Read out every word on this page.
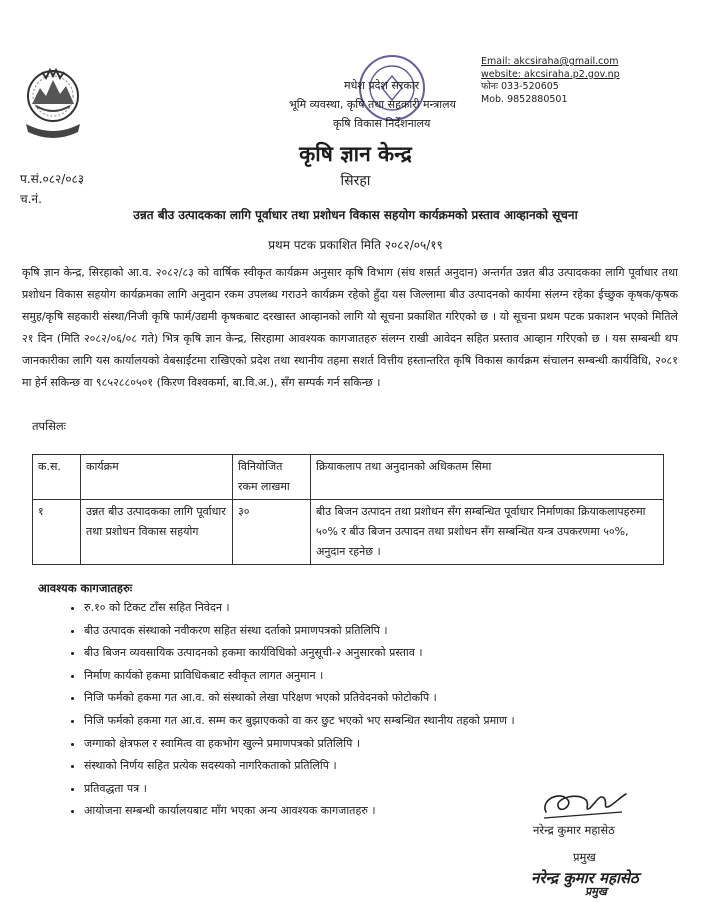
मधेश प्रदेश सरकार
भूमि व्यवस्था, कृषि तथा सहकारी मन्त्रालय
कृषि विकास निर्देशनालय
Email: akcsiraha@gmail.com
website: akcsiraha.p2.gov.np
फोनः 033-520605
Mob. 9852880501
कृषि ज्ञान केन्द्र
सिरहा
प.सं.०८२/०८३
च.नं.
उन्नत बीउ उत्पादकका लागि पूर्वाधार तथा प्रशोधन विकास सहयोग कार्यक्रमको प्रस्ताव आव्हानको सूचना
प्रथम पटक प्रकाशित मिति २०८२/०५/१९
कृषि ज्ञान केन्द्र, सिरहाको आ.व. २०८२/८३ को वार्षिक स्वीकृत कार्यक्रम अनुसार कृषि विभाग (संघ शसर्त अनुदान) अन्तर्गत उन्नत बीउ उत्पादकका लागि पूर्वाधार तथा प्रशोधन विकास सहयोग कार्यक्रमका लागि अनुदान रकम उपलब्ध गराउने कार्यक्रम रहेको हुँदा यस जिल्लामा बीउ उत्पादनको कार्यमा संलग्न रहेका ईच्छुक कृषक/कृषक समुह/कृषि सहकारी संस्था/निजी कृषि फार्म/उद्यमी कृषकबाट दरखास्त आव्हानको लागि यो सूचना प्रकाशित गरिएको छ । यो सूचना प्रथम पटक प्रकाशन भएको मितिले २१ दिन (मिति २०८२/०६/०८ गते) भित्र कृषि ज्ञान केन्द्र, सिरहामा आवश्यक कागजातहरु संलग्न राखी आवेदन सहित प्रस्ताव आव्हान गरिएको छ । यस सम्बन्धी थप जानकारीका लागि यस कार्यालयको वेबसाईटमा राखिएको प्रदेश तथा स्थानीय तहमा सशर्त वित्तीय हस्तान्तरित कृषि विकास कार्यक्रम संचालन सम्बन्धी कार्यविधि, २०८१ मा हेर्न सकिन्छ वा ९८५२८८०५०१ (किरण विश्वकर्मा, बा.वि.अ.), सँग सम्पर्क गर्न सकिन्छ ।
तपसिलः
क.स.	कार्यक्रम	विनियोजित रकम लाखमा	क्रियाकलाप तथा अनुदानको अधिकतम सिमा
१	उन्नत बीउ उत्पादकका लागि पूर्वाधार तथा प्रशोधन विकास सहयोग	३०	बीउ बिजन उत्पादन तथा प्रशोधन सँग सम्बन्धित पूर्वाधार निर्माणका क्रियाकलापहरुमा ५०% र बीउ बिजन उत्पादन तथा प्रशोधन सँग सम्बन्धित यन्त्र उपकरणमा ५०%, अनुदान रहनेछ ।
आवश्यक कागजातहरुः
• रु.१० को टिकट टाँस सहित निवेदन ।
• बीउ उत्पादक संस्थाको नवीकरण सहित संस्था दर्ताको प्रमाणपत्रको प्रतिलिपि ।
• बीउ बिजन व्यवसायिक उत्पादनको हकमा कार्यविधिको अनुसूची-२ अनुसारको प्रस्ताव ।
• निर्माण कार्यको हकमा प्राविधिकबाट स्वीकृत लागत अनुमान ।
• निजि फर्मको हकमा गत आ.व. को संस्थाको लेखा परिक्षण भएको प्रतिवेदनको फोटोकपि ।
• निजि फर्मको हकमा गत आ.व. सम्म कर बुझाएकको वा कर छुट भएको भए सम्बन्धित स्थानीय तहको प्रमाण ।
• जग्गाको क्षेत्रफल र स्वामित्व वा हकभोग खुल्ने प्रमाणपत्रको प्रतिलिपि ।
• संस्थाको निर्णय सहित प्रत्येक सदस्यको नागरिकताको प्रतिलिपि ।
• प्रतिवद्धता पत्र ।
• आयोजना सम्बन्धी कार्यालयबाट माँग भएका अन्य आवश्यक कागजातहरु ।
नरेन्द्र कुमार महासेठ
प्रमुख
नरेन्द्र कुमार महासेठ
प्रमुख
